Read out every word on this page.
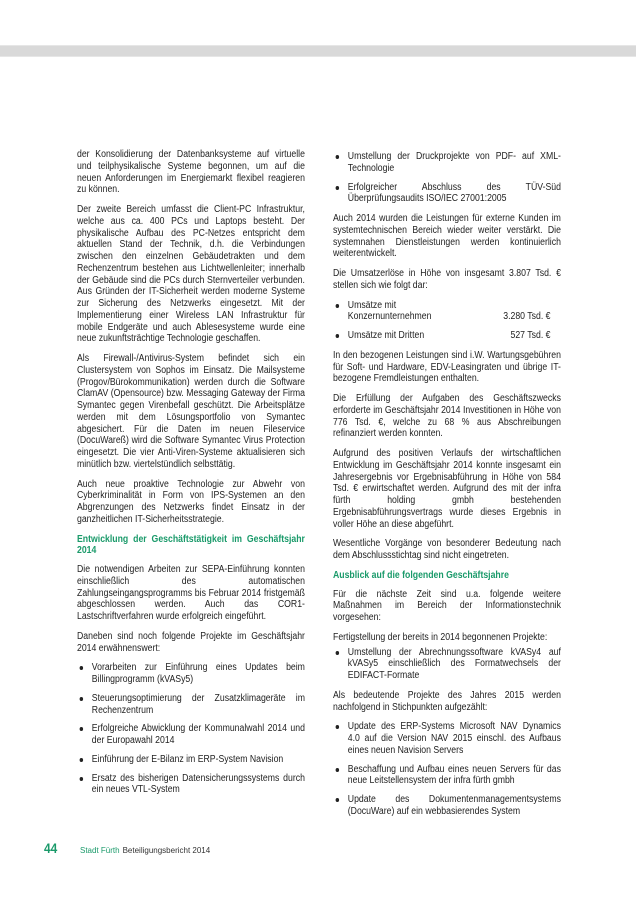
der Konsolidierung der Datenbanksysteme auf virtuelle und teilphysikalische Systeme begonnen, um auf die neuen Anforderungen im Energiemarkt flexibel reagieren zu können.

Der zweite Bereich umfasst die Client-PC Infrastruktur, welche aus ca. 400 PCs und Laptops besteht. Der physikalische Aufbau des PC-Netzes entspricht dem aktuellen Stand der Technik, d.h. die Verbindungen zwischen den einzelnen Gebäudetrakten und dem Rechenzentrum bestehen aus Lichtwellenleiter; innerhalb der Gebäude sind die PCs durch Sternverteiler verbunden. Aus Gründen der IT-Sicherheit werden moderne Systeme zur Sicherung des Netzwerks eingesetzt. Mit der Implementierung einer Wireless LAN Infrastruktur für mobile Endgeräte und auch Ablesesysteme wurde eine neue zukunftsträchtige Technologie geschaffen.

Als Firewall-/Antivirus-System befindet sich ein Clustersystem von Sophos im Einsatz. Die Mailsysteme (Progov/Bürokommunikation) werden durch die Software ClamAV (Opensource) bzw. Messaging Gateway der Firma Symantec gegen Virenbefall geschützt. Die Arbeitsplätze werden mit dem Lösungsportfolio von Symantec abgesichert. Für die Daten im neuen Fileservice (DocuWareß) wird die Software Symantec Virus Protection eingesetzt. Die vier Anti-Viren-Systeme aktualisieren sich minütlich bzw. viertelstündlich selbsttätig.

Auch neue proaktive Technologie zur Abwehr von Cyberkriminalität in Form von IPS-Systemen an den Abgrenzungen des Netzwerks findet Einsatz in der ganzheitlichen IT-Sicherheitsstrategie.

Entwicklung der Geschäftstätigkeit im Geschäftsjahr 2014

Die notwendigen Arbeiten zur SEPA-Einführung konnten einschließlich des automatischen Zahlungseingangsprogramms bis Februar 2014 fristgemäß abgeschlossen werden. Auch das COR1-Lastschriftverfahren wurde erfolgreich eingeführt.

Daneben sind noch folgende Projekte im Geschäftsjahr 2014 erwähnenswert:

Vorarbeiten zur Einführung eines Updates beim Billingprogramm (kVASy5)
Steuerungsoptimierung der Zusatzklimageräte im Rechenzentrum
Erfolgreiche Abwicklung der Kommunalwahl 2014 und der Europawahl 2014
Einführung der E-Bilanz im ERP-System Navision
Ersatz des bisherigen Datensicherungssystems durch ein neues VTL-System
Umstellung der Druckprojekte von PDF- auf XML-Technologie
Erfolgreicher Abschluss des TÜV-Süd Überprüfungsaudits ISO/IEC 27001:2005

Auch 2014 wurden die Leistungen für externe Kunden im systemtechnischen Bereich wieder weiter verstärkt. Die systemnahen Dienstleistungen werden kontinuierlich weiterentwickelt.

Die Umsatzerlöse in Höhe von insgesamt 3.807 Tsd. € stellen sich wie folgt dar:

Umsätze mit Konzernunternehmen	3.280 Tsd. €
Umsätze mit Dritten	527 Tsd. €

In den bezogenen Leistungen sind i.W. Wartungsgebühren für Soft- und Hardware, EDV-Leasingraten und übrige IT-bezogene Fremdleistungen enthalten.

Die Erfüllung der Aufgaben des Geschäftszwecks erforderte im Geschäftsjahr 2014 Investitionen in Höhe von 776 Tsd. €, welche zu 68 % aus Abschreibungen refinanziert werden konnten.

Aufgrund des positiven Verlaufs der wirtschaftlichen Entwicklung im Geschäftsjahr 2014 konnte insgesamt ein Jahresergebnis vor Ergebnisabführung in Höhe von 584 Tsd. € erwirtschaftet werden. Aufgrund des mit der infra fürth holding gmbh bestehenden Ergebnisabführungsvertrags wurde dieses Ergebnis in voller Höhe an diese abgeführt.

Wesentliche Vorgänge von besonderer Bedeutung nach dem Abschlussstichtag sind nicht eingetreten.

Ausblick auf die folgenden Geschäftsjahre

Für die nächste Zeit sind u.a. folgende weitere Maßnahmen im Bereich der Informationstechnik vorgesehen:

Fertigstellung der bereits in 2014 begonnenen Projekte:

Umstellung der Abrechnungssoftware kVASy4 auf kVASy5 einschließlich des Formatwechsels der EDIFACT-Formate

Als bedeutende Projekte des Jahres 2015 werden nachfolgend in Stichpunkten aufgezählt:

Update des ERP-Systems Microsoft NAV Dynamics 4.0 auf die Version NAV 2015 einschl. des Aufbaus eines neuen Navision Servers
Beschaffung und Aufbau eines neuen Servers für das neue Leitstellensystem der infra fürth gmbh
Update des Dokumentenmanagementsystems (DocuWare) auf ein webbasierendes System
44	Stadt Fürth Beteiligungsbericht 2014
